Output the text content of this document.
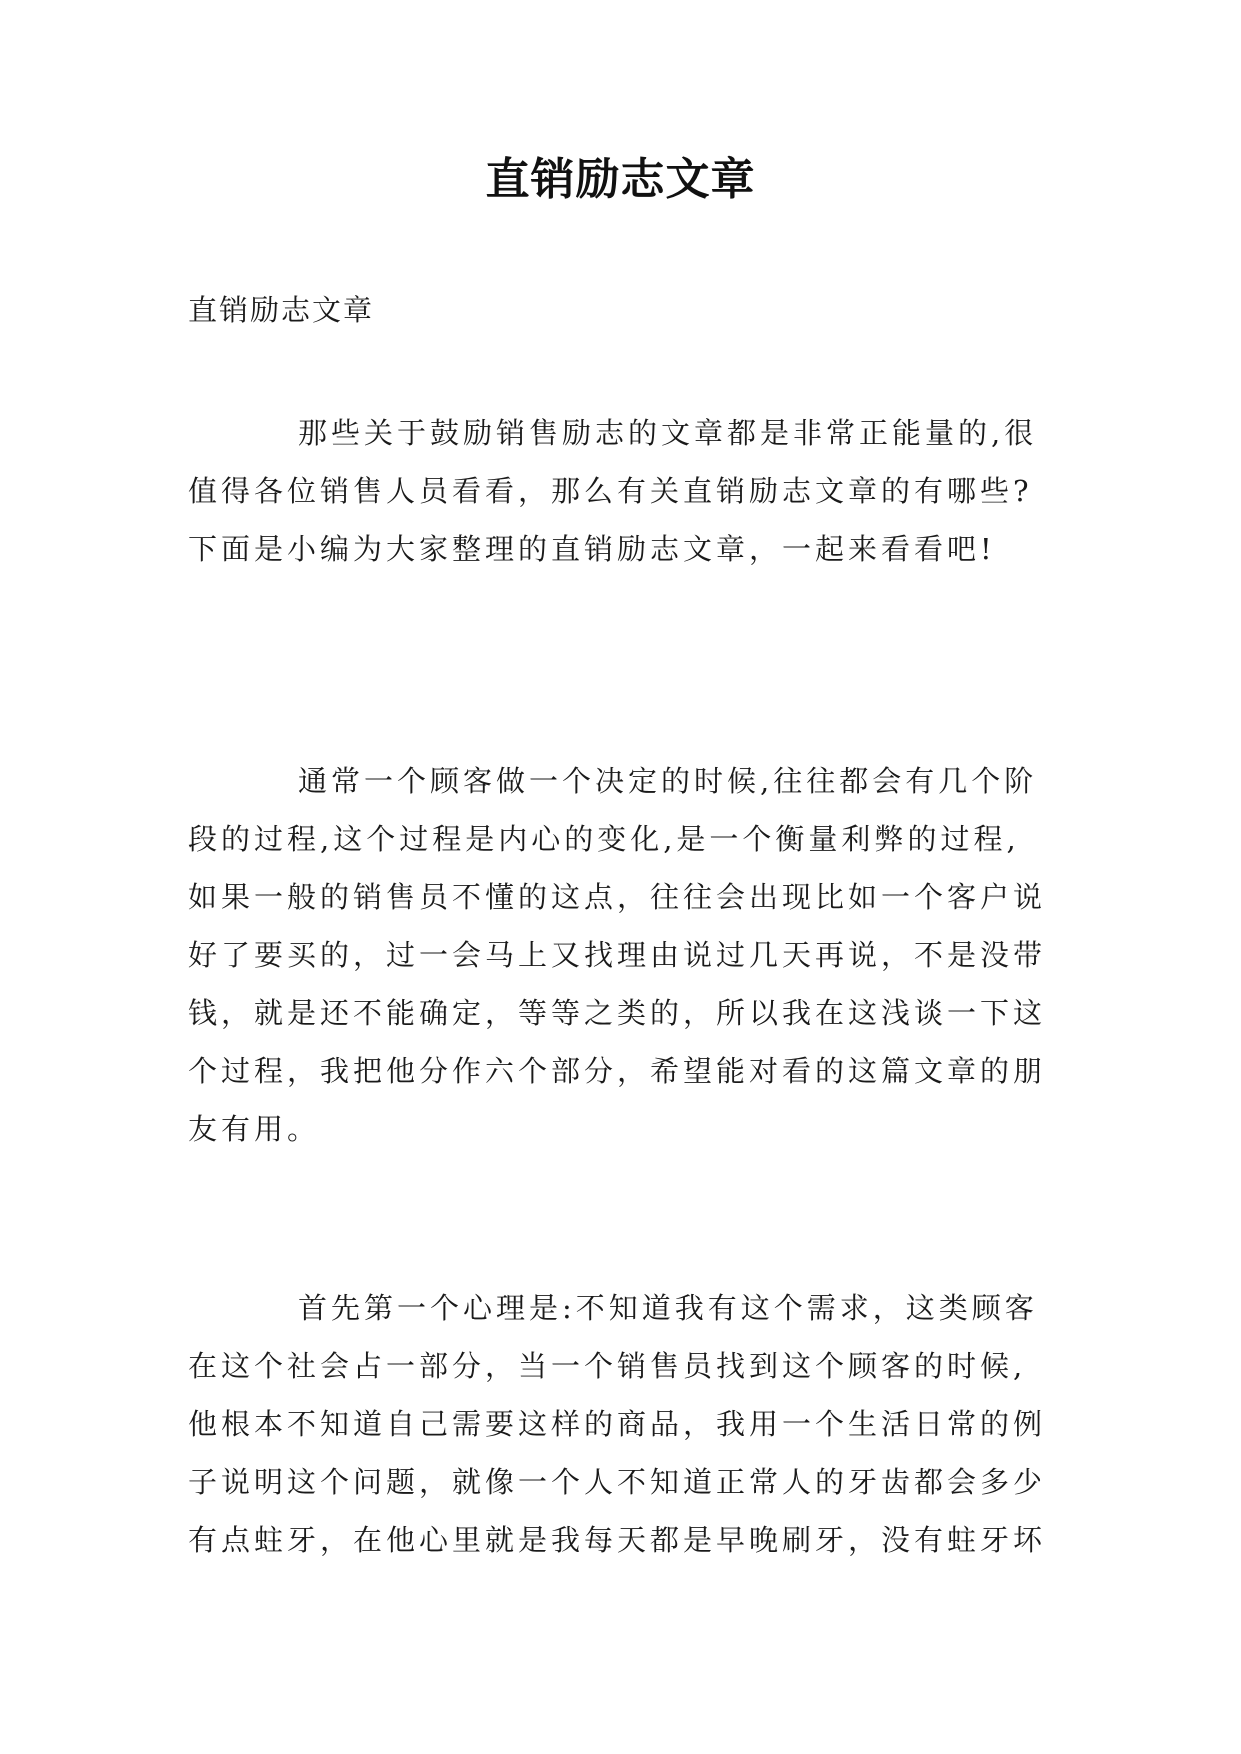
直销励志文章
直销励志文章
那些关于鼓励销售励志的文章都是非常正能量的,很
值得各位销售人员看看，那么有关直销励志文章的有哪些?
下面是小编为大家整理的直销励志文章，一起来看看吧!
通常一个顾客做一个决定的时候,往往都会有几个阶
段的过程,这个过程是内心的变化,是一个衡量利弊的过程,
如果一般的销售员不懂的这点，往往会出现比如一个客户说
好了要买的，过一会马上又找理由说过几天再说，不是没带
钱，就是还不能确定，等等之类的，所以我在这浅谈一下这
个过程，我把他分作六个部分，希望能对看的这篇文章的朋
友有用。
首先第一个心理是:不知道我有这个需求，这类顾客
在这个社会占一部分，当一个销售员找到这个顾客的时候,
他根本不知道自己需要这样的商品，我用一个生活日常的例
子说明这个问题，就像一个人不知道正常人的牙齿都会多少
有点蛀牙，在他心里就是我每天都是早晚刷牙，没有蛀牙坏
